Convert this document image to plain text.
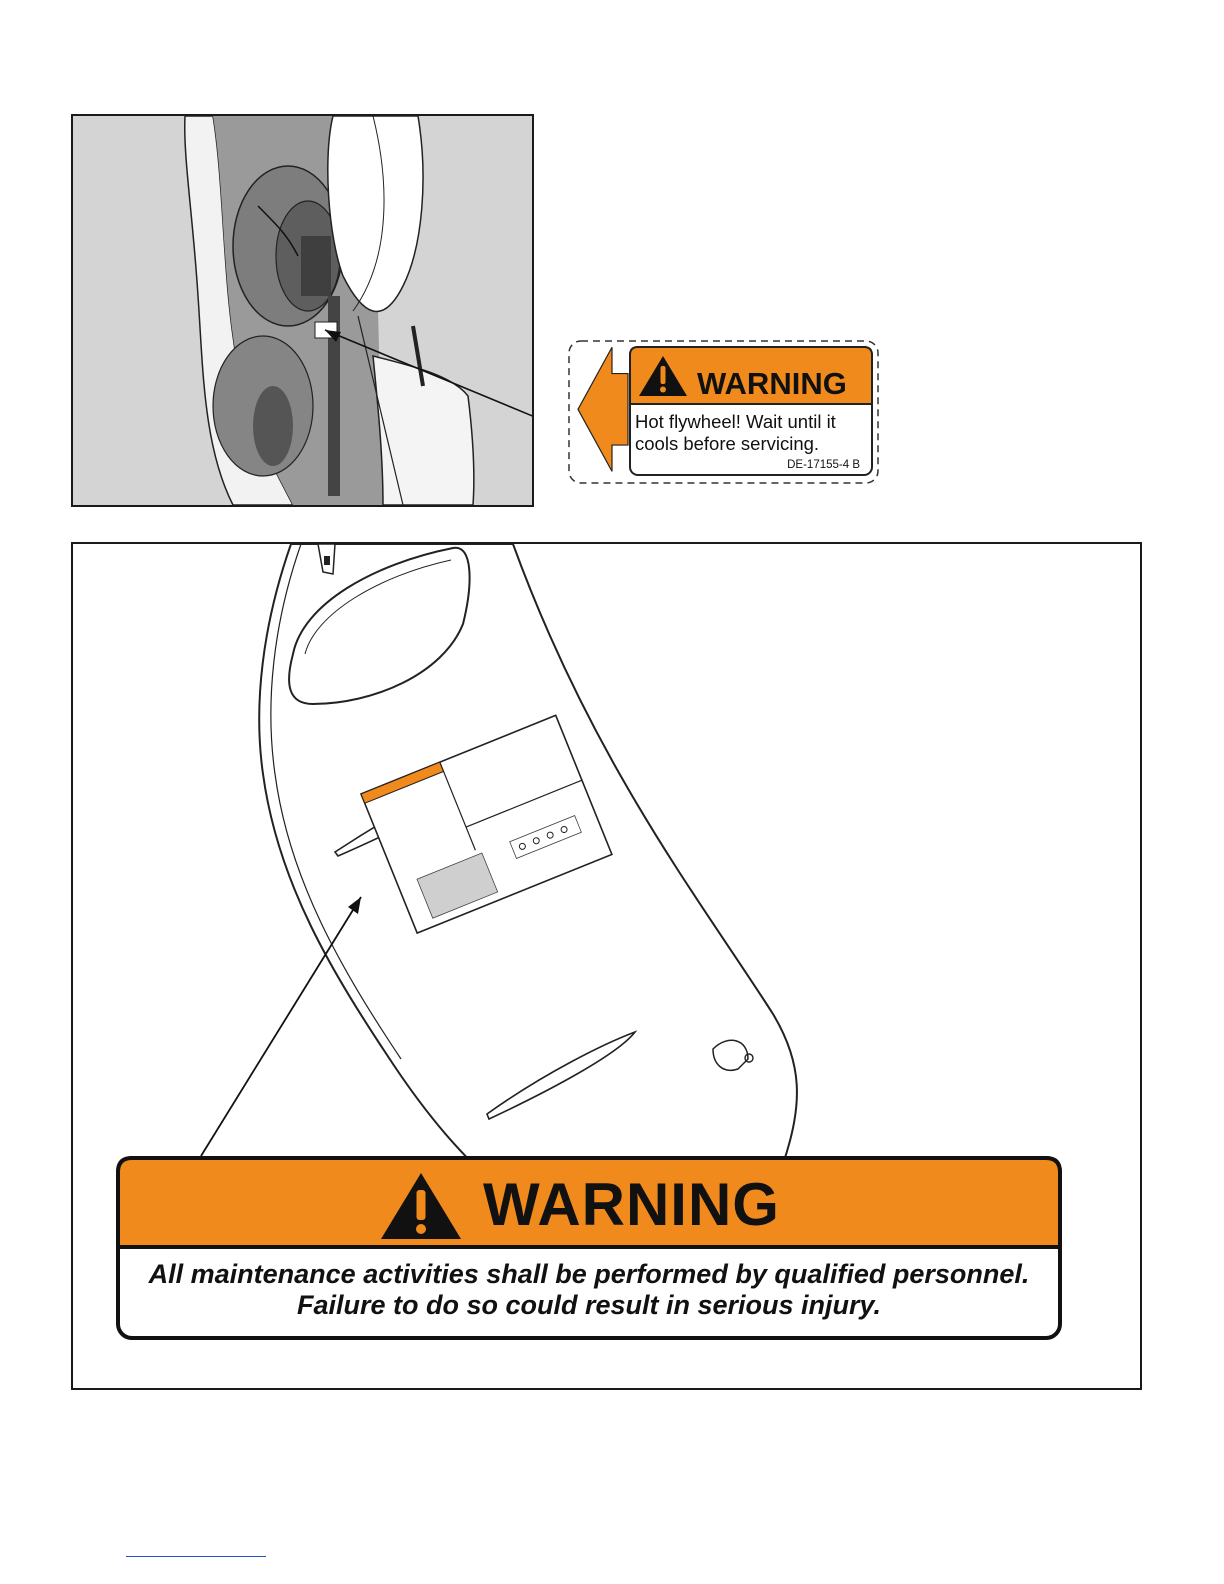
WARNING
Hot flywheel! Wait until it cools before servicing.
DE-17155-4 B
WARNING
All maintenance activities shall be performed by qualified personnel. Failure to do so could result in serious injury.
